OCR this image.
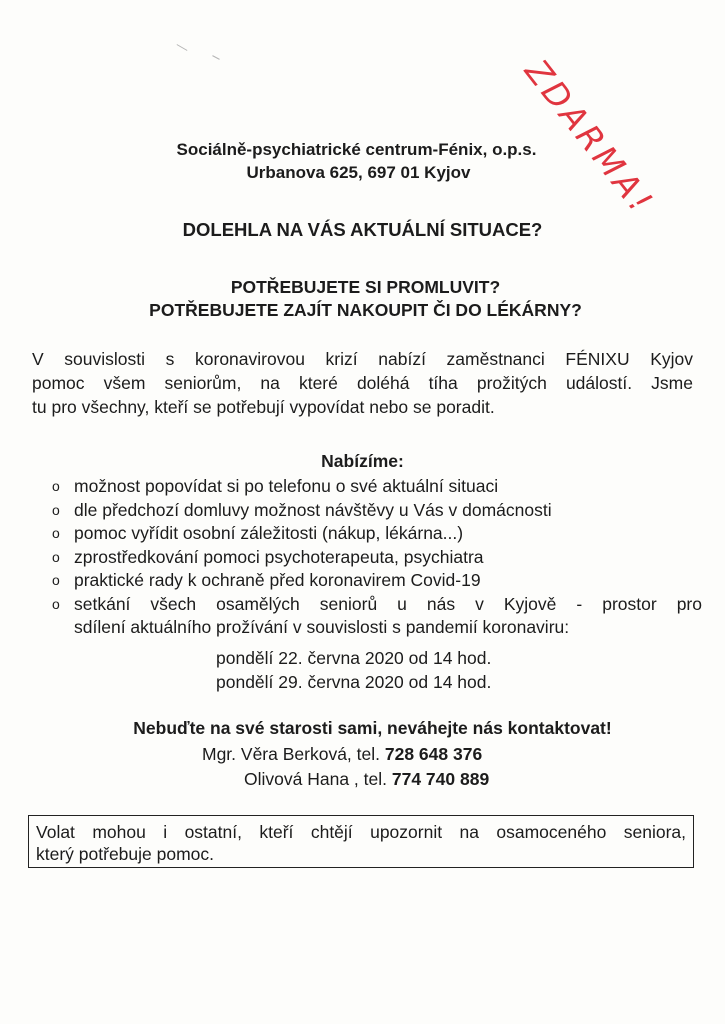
ZDARMA!
Sociálně-psychiatrické centrum-Fénix, o.p.s.
Urbanova 625, 697 01 Kyjov
DOLEHLA NA VÁS AKTUÁLNÍ SITUACE?
POTŘEBUJETE SI PROMLUVIT?
POTŘEBUJETE ZAJÍT NAKOUPIT ČI DO LÉKÁRNY?
V souvislosti s koronavirovou krizí nabízí zaměstnanci FÉNIXU Kyjov
pomoc všem seniorům, na které doléhá tíha prožitých událostí. Jsme
tu pro všechny, kteří se potřebují vypovídat nebo se poradit.
Nabízíme:
o možnost popovídat si po telefonu o své aktuální situaci
o dle předchozí domluvy možnost návštěvy u Vás v domácnosti
o pomoc vyřídit osobní záležitosti (nákup, lékárna...)
o zprostředkování pomoci psychoterapeuta, psychiatra
o praktické rady k ochraně před koronavirem Covid-19
o setkání všech osamělých seniorů u nás v Kyjově - prostor pro
sdílení aktuálního prožívání v souvislosti s pandemií koronaviru:
pondělí 22. června 2020 od 14 hod.
pondělí 29. června 2020 od 14 hod.
Nebuďte na své starosti sami, neváhejte nás kontaktovat!
Mgr. Věra Berková, tel. 728 648 376
Olivová Hana , tel. 774 740 889
Volat mohou i ostatní, kteří chtějí upozornit na osamoceného seniora,
který potřebuje pomoc.
